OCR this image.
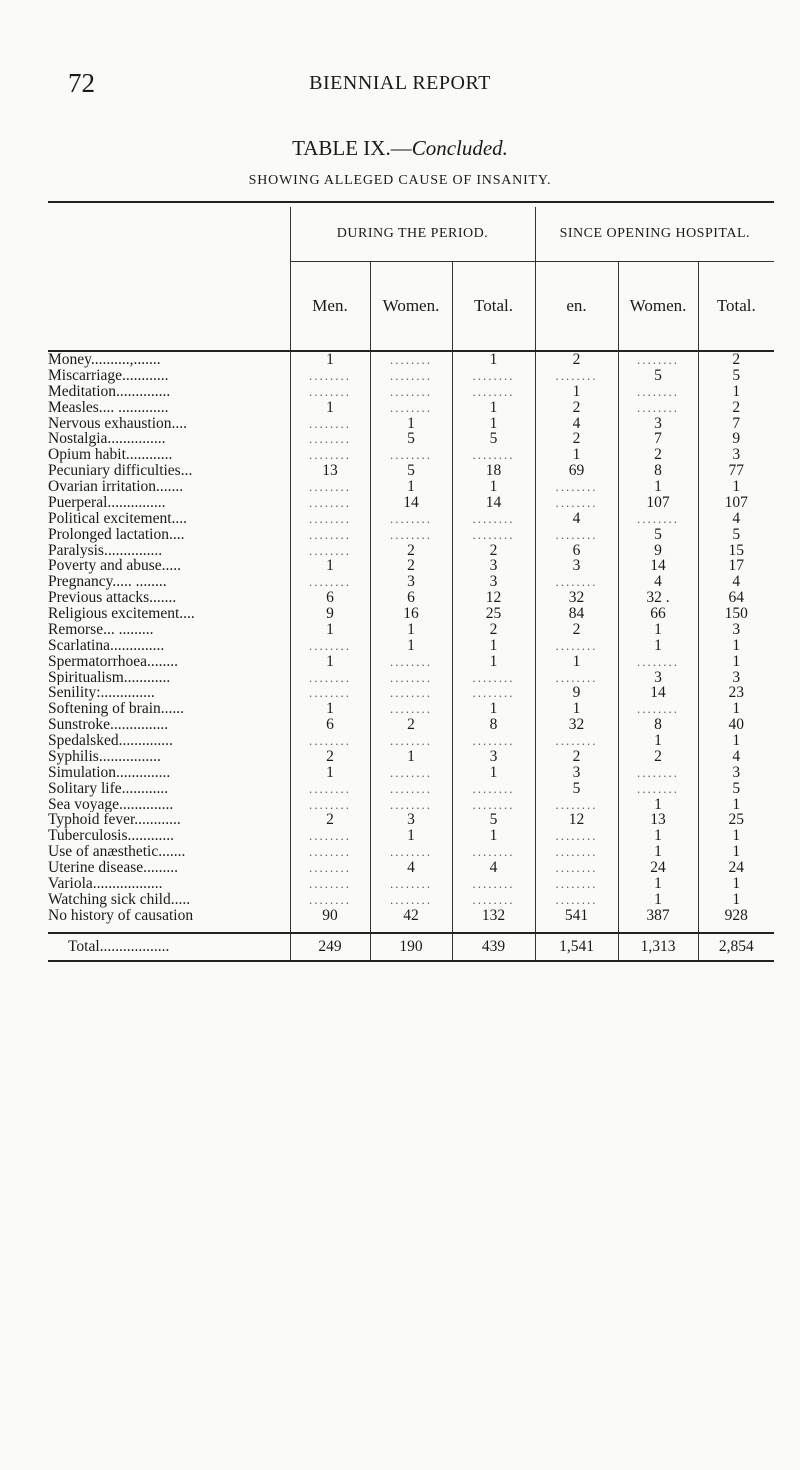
72	BIENNIAL REPORT
TABLE IX.—Concluded.
SHOWING ALLEGED CAUSE OF INSANITY.
	DURING THE PERIOD.			SINCE OPENING HOSPITAL.		
	Men.	Women.	Total.	en.	Women.	Total.
Money..........,.......	1	........	1	2	........	2
Miscarriage............	........	........	........	........	5	5
Meditation..............	........	........	........	1	........	1
Measles.... .............	1	........	1	2	........	2
Nervous exhaustion....	........	1	1	4	3	7
Nostalgia...............	........	5	5	2	7	9
Opium habit............	........	........	........	1	2	3
Pecuniary difficulties...	13	5	18	69	8	77
Ovarian irritation.......	........	1	1	........	1	1
Puerperal...............	........	14	14	........	107	107
Political excitement....	........	........	........	4	........	4
Prolonged lactation....	........	........	........	........	5	5
Paralysis...............	........	2	2	6	9	15
Poverty and abuse.....	1	2	3	3	14	17
Pregnancy..... ........	........	3	3	........	4	4
Previous attacks.......	6	6	12	32	32 .	64
Religious excitement....	9	16	25	84	66	150
Remorse... .........	1	1	2	2	1	3
Scarlatina..............	........	1	1	........	1	1
Spermatorrhoea........	1	........	1	1	........	1
Spiritualism............	........	........	........	........	3	3
Senility:..............	........	........	........	9	14	23
Softening of brain......	1	........	1	1	........	1
Sunstroke...............	6	2	8	32	8	40
Spedalsked..............	........	........	........	........	1	1
Syphilis................	2	1	3	2	2	4
Simulation..............	1	........	1	3	........	3
Solitary life............	........	........	........	5	........	5
Sea voyage..............	........	........	........	........	1	1
Typhoid fever............	2	3	5	12	13	25
Tuberculosis............	........	1	1	........	1	1
Use of anæsthetic.......	........	........	........	........	1	1
Uterine disease.........	........	4	4	........	24	24
Variola..................	........	........	........	........	1	1
Watching sick child.....	........	........	........	........	1	1
No history of causation	90	42	132	541	387	928
Total..................	249	190	439	1,541	1,313	2,854
